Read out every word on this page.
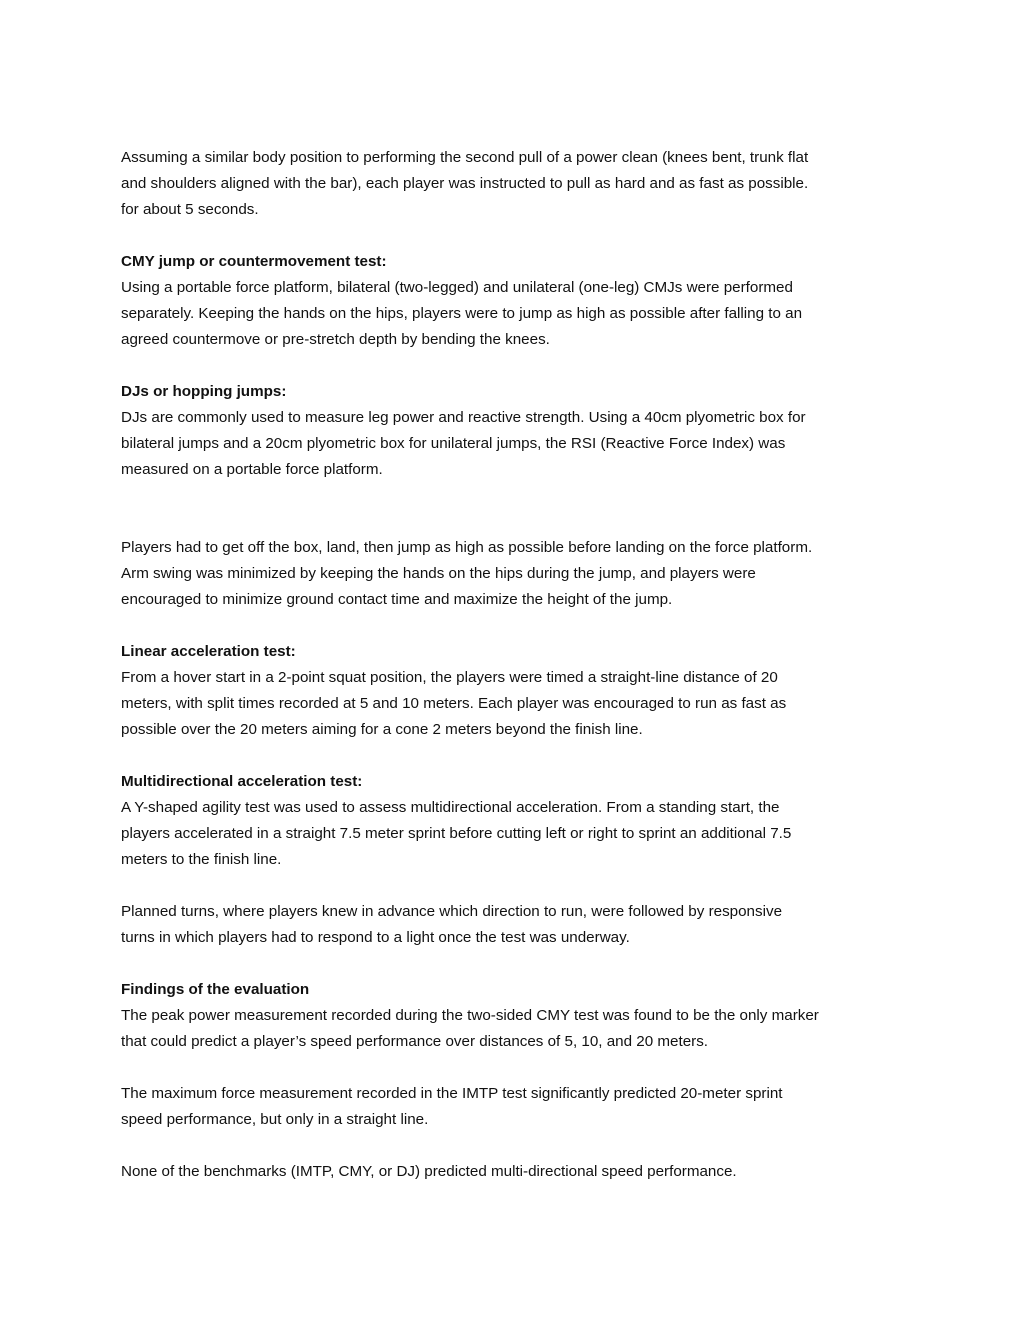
Assuming a similar body position to performing the second pull of a power clean (knees bent, trunk flat
and shoulders aligned with the bar), each player was instructed to pull as hard and as fast as possible.
for about 5 seconds.
CMY jump or countermovement test:
Using a portable force platform, bilateral (two-legged) and unilateral (one-leg) CMJs were performed
separately. Keeping the hands on the hips, players were to jump as high as possible after falling to an
agreed countermove or pre-stretch depth by bending the knees.
DJs or hopping jumps:
DJs are commonly used to measure leg power and reactive strength. Using a 40cm plyometric box for
bilateral jumps and a 20cm plyometric box for unilateral jumps, the RSI (Reactive Force Index) was
measured on a portable force platform.
Players had to get off the box, land, then jump as high as possible before landing on the force platform.
Arm swing was minimized by keeping the hands on the hips during the jump, and players were
encouraged to minimize ground contact time and maximize the height of the jump.
Linear acceleration test:
From a hover start in a 2-point squat position, the players were timed a straight-line distance of 20
meters, with split times recorded at 5 and 10 meters. Each player was encouraged to run as fast as
possible over the 20 meters aiming for a cone 2 meters beyond the finish line.
Multidirectional acceleration test:
A Y-shaped agility test was used to assess multidirectional acceleration. From a standing start, the
players accelerated in a straight 7.5 meter sprint before cutting left or right to sprint an additional 7.5
meters to the finish line.
Planned turns, where players knew in advance which direction to run, were followed by responsive
turns in which players had to respond to a light once the test was underway.
Findings of the evaluation
The peak power measurement recorded during the two-sided CMY test was found to be the only marker
that could predict a player’s speed performance over distances of 5, 10, and 20 meters.
The maximum force measurement recorded in the IMTP test significantly predicted 20-meter sprint
speed performance, but only in a straight line.
None of the benchmarks (IMTP, CMY, or DJ) predicted multi-directional speed performance.
